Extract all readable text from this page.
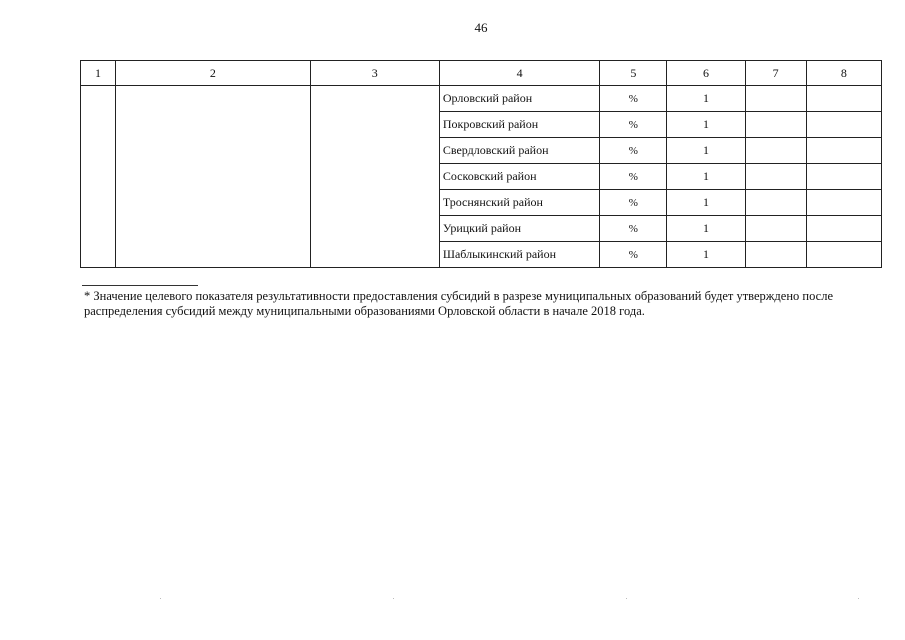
46
1	2	3	4	5	6	7	8
			Орловский район	%	1		
			Покровский район	%	1		
			Свердловский район	%	1		
			Сосковский район	%	1		
			Троснянский район	%	1		
			Урицкий район	%	1		
			Шаблыкинский район	%	1		
* Значение целевого показателя результативности предоставления субсидий в разрезе муниципальных образований будет утверждено после распределения субсидий между муниципальными образованиями Орловской области в начале 2018 года.
